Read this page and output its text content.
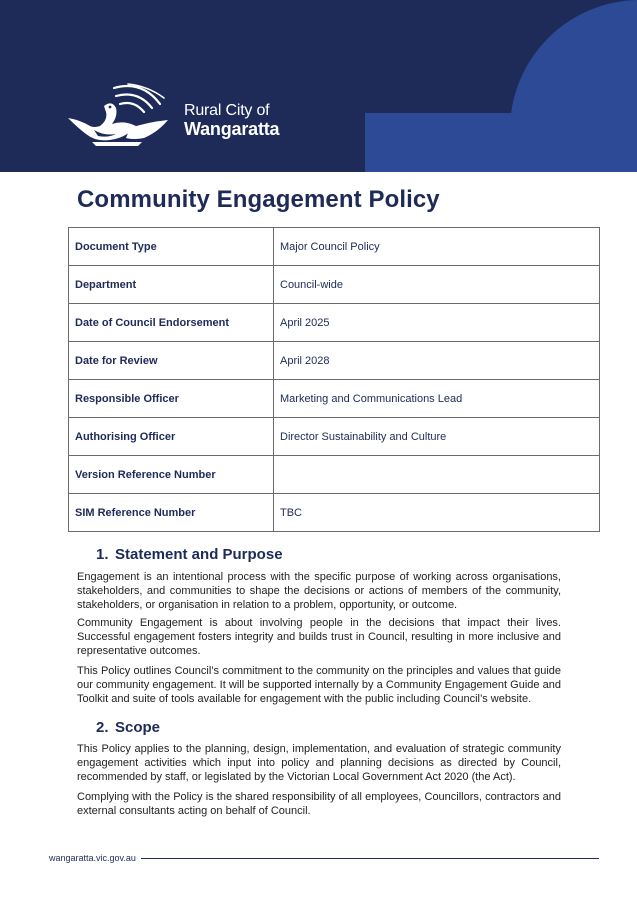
Rural City of
Wangaratta
Community Engagement Policy
Document Type	Major Council Policy
Department	Council-wide
Date of Council Endorsement	April 2025
Date for Review	April 2028
Responsible Officer	Marketing and Communications Lead
Authorising Officer	Director Sustainability and Culture
Version Reference Number	
SIM Reference Number	TBC
1. Statement and Purpose

Engagement is an intentional process with the specific purpose of working across organisations, stakeholders, and communities to shape the decisions or actions of members of the community, stakeholders, or organisation in relation to a problem, opportunity, or outcome.

Community Engagement is about involving people in the decisions that impact their lives. Successful engagement fosters integrity and builds trust in Council, resulting in more inclusive and representative outcomes.

This Policy outlines Council’s commitment to the community on the principles and values that guide our community engagement. It will be supported internally by a Community Engagement Guide and Toolkit and suite of tools available for engagement with the public including Council’s website.

2. Scope

This Policy applies to the planning, design, implementation, and evaluation of strategic community engagement activities which input into policy and planning decisions as directed by Council, recommended by staff, or legislated by the Victorian Local Government Act 2020 (the Act).

Complying with the Policy is the shared responsibility of all employees, Councillors, contractors and external consultants acting on behalf of Council.

wangaratta.vic.gov.au
